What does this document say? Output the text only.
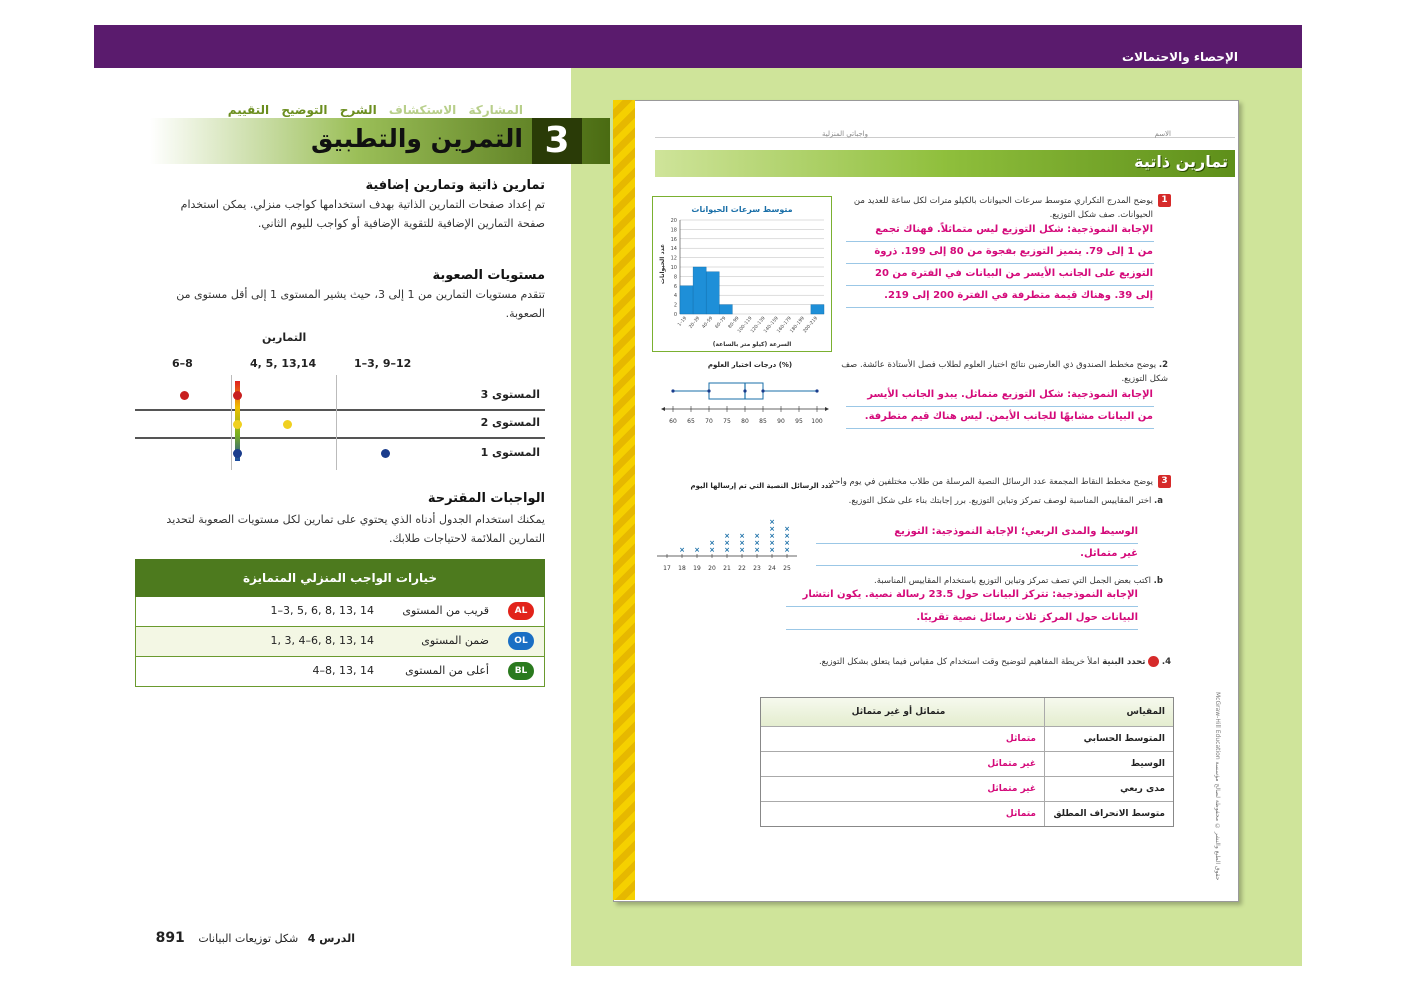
الإحصاء والاحتمالات
المشاركة الاستكشاف الشرح التوضيح التقييم
3
التمرين والتطبيق
تمارين ذاتية وتمارين إضافية
تم إعداد صفحات التمارين الذاتية بهدف استخدامها كواجب منزلي. يمكن استخدام صفحة التمارين الإضافية للتقوية الإضافية أو كواجب لليوم الثاني.
مستويات الصعوبة
تتقدم مستويات التمارين من 1 إلى 3، حيث يشير المستوى 1 إلى أقل مستوى من الصعوبة.
التمارين
1–3, 9–12
4, 5, 13,14
6–8
المستوى 3
المستوى 2
المستوى 1
الواجبات المقترحة
يمكنك استخدام الجدول أدناه الذي يحتوي على تمارين لكل مستويات الصعوبة لتحديد التمارين الملائمة لاحتياجات طلابك.
خيارات الواجب المنزلي المتمايزة
AL
قريب من المستوى
1–3, 5, 6, 8, 13, 14
OL
ضمن المستوى
1, 3, 4–6, 8, 13, 14
BL
أعلى من المستوى
4–8, 13, 14
الدرس 4 شكل توزيعات البيانات 891
الاسم
واجباتي المنزلية
تمارين ذاتية
1
يوضح المدرج التكراري متوسط سرعات الحيوانات بالكيلو مترات لكل ساعة للعديد من الحيوانات. صف شكل التوزيع.
الإجابة النموذجية: شكل التوزيع ليس متماثلاً. فهناك تجمع
من 1 إلى 79. يتميز التوزيع بفجوة من 80 إلى 199. ذروة
التوزيع على الجانب الأيسر من البيانات في الفترة من 20
إلى 39. وهناك قيمة متطرفة في الفترة 200 إلى 219.
متوسط سرعات الحيوانات
عدد الحيوانات
السرعة (كيلو متر بالساعة)
0
2
4
6
8
10
12
14
16
18
20
1–19 20–39 40–59 60–79 80–99
100–119
120–139
140–159
160–179
180–199
200–219
2. يوضح مخطط الصندوق ذي العارضين نتائج اختبار العلوم لطلاب فصل الأستاذة عائشة. صف شكل التوزيع.
الإجابة النموذجية: شكل التوزيع متماثل. يبدو الجانب الأيسر
من البيانات مشابهًا للجانب الأيمن. ليس هناك قيم متطرفة.
درجات اختبار العلوم (%)
60 65 70 75 80 85 90 95 100
3
يوضح مخطط النقاط المجمعة عدد الرسائل النصية المرسلة من طلاب مختلفين في يوم واحد.
a. اختر المقاييس المناسبة لوصف تمركز وتباين التوزيع. برر إجابتك بناء على شكل التوزيع.
الوسيط والمدى الربعي؛ الإجابة النموذجية: التوزيع
غير متماثل.
b. اكتب بعض الجمل التي تصف تمركز وتباين التوزيع باستخدام المقاييس المناسبة.
الإجابة النموذجية: تتركز البيانات حول 23.5 رسالة نصية. يكون انتشار
البيانات حول المركز ثلاث رسائل نصية تقريبًا.
عدد الرسائل النصية التي تم إرسالها اليوم
× × ×
×
×
×
×
×
×
×
×
×
×
×
×
×
×
×
×
×
×
×
17 18 19 20 21 22 23 24 25
4.  تحدد البنية املأ خريطة المفاهيم لتوضيح وقت استخدام كل مقياس فيما يتعلق بشكل التوزيع.
المقياس
متماثل أو غير متماثل
المتوسط الحسابي
متماثل
الوسيط
غير متماثل
مدى ربعي
غير متماثل
متوسط الانحراف المطلق
متماثل
حقوق الطبع والنشر © محفوظة لصالح مؤسسة McGraw-Hill Education
